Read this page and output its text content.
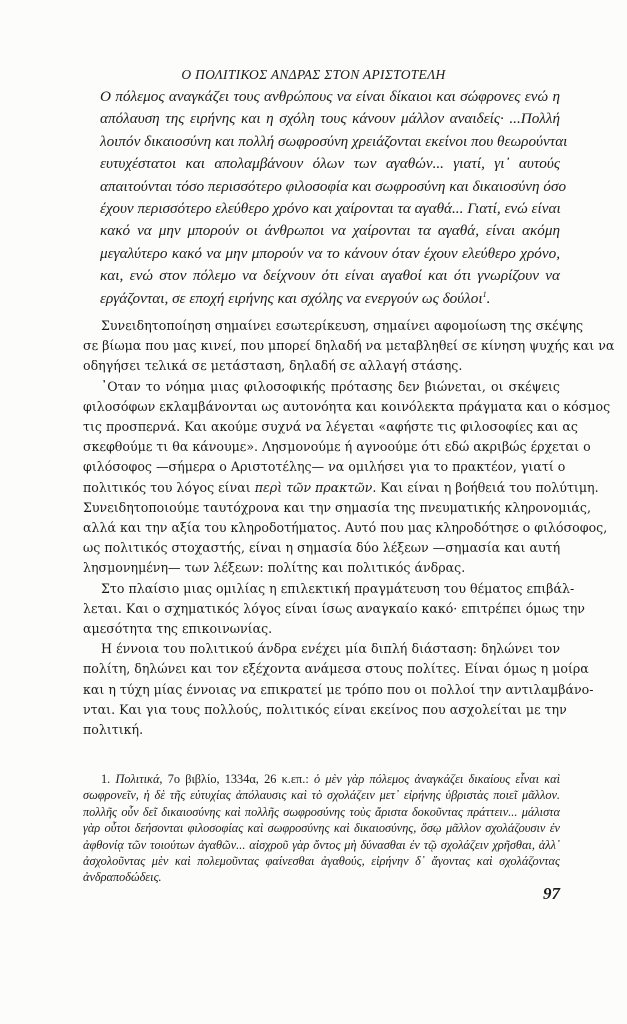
Ο ΠΟΛΙΤΙΚΟΣ ΑΝΔΡΑΣ ΣΤΟΝ ΑΡΙΣΤΟΤΕΛΗ
Ο πόλεμος αναγκάζει τους ανθρώπους να είναι δίκαιοι και σώφρονες ενώ η
απόλαυση της ειρήνης και η σχόλη τους κάνουν μάλλον αναιδείς· ...Πολλή
λοιπόν δικαιοσύνη και πολλή σωφροσύνη χρειάζονται εκείνοι που θεωρούνται
ευτυχέστατοι και απολαμβάνουν όλων των αγαθών... γιατί, γι᾽ αυτούς
απαιτούνται τόσο περισσότερο φιλοσοφία και σωφροσύνη και δικαιοσύνη όσο
έχουν περισσότερο ελεύθερο χρόνο και χαίρονται τα αγαθά... Γιατί, ενώ είναι
κακό να μην μπορούν οι άνθρωποι να χαίρονται τα αγαθά, είναι ακόμη
μεγαλύτερο κακό να μην μπορούν να το κάνουν όταν έχουν ελεύθερο χρόνο,
και, ενώ στον πόλεμο να δείχνουν ότι είναι αγαθοί και ότι γνωρίζουν να
εργάζονται, σε εποχή ειρήνης και σχόλης να ενεργούν ως δούλοι$^1$.
Συνειδητοποίηση σημαίνει εσωτερίκευση, σημαίνει αφομοίωση της σκέψης
σε βίωμα που μας κινεί, που μπορεί δηλαδή να μεταβληθεί σε κίνηση ψυχής και να
οδηγήσει τελικά σε μετάσταση, δηλαδή σε αλλαγή στάσης.
᾿Οταν το νόημα μιας φιλοσοφικής πρότασης δεν βιώνεται, οι σκέψεις
φιλοσόφων εκλαμβάνονται ως αυτονόητα και κοινόλεκτα πράγματα και ο κόσμος
τις προσπερνά. Και ακούμε συχνά να λέγεται «αφήστε τις φιλοσοφίες και ας
σκεφθούμε τι θα κάνουμε». Λησμονούμε ή αγνοούμε ότι εδώ ακριβώς έρχεται ο
φιλόσοφος —σήμερα ο Αριστοτέλης— να ομιλήσει για το πρακτέον, γιατί ο
πολιτικός του λόγος είναι περὶ τῶν πρακτῶν. Και είναι η βοήθειά του πολύτιμη.
Συνειδητοποιούμε ταυτόχρονα και την σημασία της πνευματικής κληρονομιάς,
αλλά και την αξία του κληροδοτήματος. Αυτό που μας κληροδότησε ο φιλόσοφος,
ως πολιτικός στοχαστής, είναι η σημασία δύο λέξεων —σημασία και αυτή
λησμονημένη— των λέξεων: πολίτης και πολιτικός άνδρας.
Στο πλαίσιο μιας ομιλίας η επιλεκτική πραγμάτευση του θέματος επιβάλ-
λεται. Και ο σχηματικός λόγος είναι ίσως αναγκαίο κακό· επιτρέπει όμως την
αμεσότητα της επικοινωνίας.
Η έννοια του πολιτικού άνδρα ενέχει μία διπλή διάσταση: δηλώνει τον
πολίτη, δηλώνει και τον εξέχοντα ανάμεσα στους πολίτες. Είναι όμως η μοίρα
και η τύχη μίας έννοιας να επικρατεί με τρόπο που οι πολλοί την αντιλαμβάνο-
νται. Και για τους πολλούς, πολιτικός είναι εκείνος που ασχολείται με την
πολιτική.
1. Πολιτικά, 7ο βιβλίο, 1334α, 26 κ.επ.: ὁ μὲν γὰρ πόλεμος ἀναγκάζει δικαίους εἶναι καὶ
σωφρονεῖν, ἡ δὲ τῆς εὐτυχίας ἀπόλαυσις καὶ τὸ σχολάζειν μετ᾽ εἰρήνης ὑβριστὰς ποιεῖ μᾶλλον.
πολλῆς οὖν δεῖ δικαιοσύνης καὶ πολλῆς σωφροσύνης τοὺς ἄριστα δοκοῦντας πράττειν... μάλιστα
γὰρ οὗτοι δεήσονται φιλοσοφίας καὶ σωφροσύνης καὶ δικαιοσύνης, ὅσῳ μᾶλλον σχολάζουσιν ἐν
ἀφθονίᾳ τῶν τοιούτων ἀγαθῶν... αἰσχροῦ γὰρ ὄντος μὴ δύνασθαι ἐν τῷ σχολάζειν χρῆσθαι, ἀλλ᾽
ἀσχολοῦντας μὲν καὶ πολεμοῦντας φαίνεσθαι ἀγαθούς, εἰρήνην δ᾽ ἄγοντας καὶ σχολάζοντας
ἀνδραποδώδεις.
97
